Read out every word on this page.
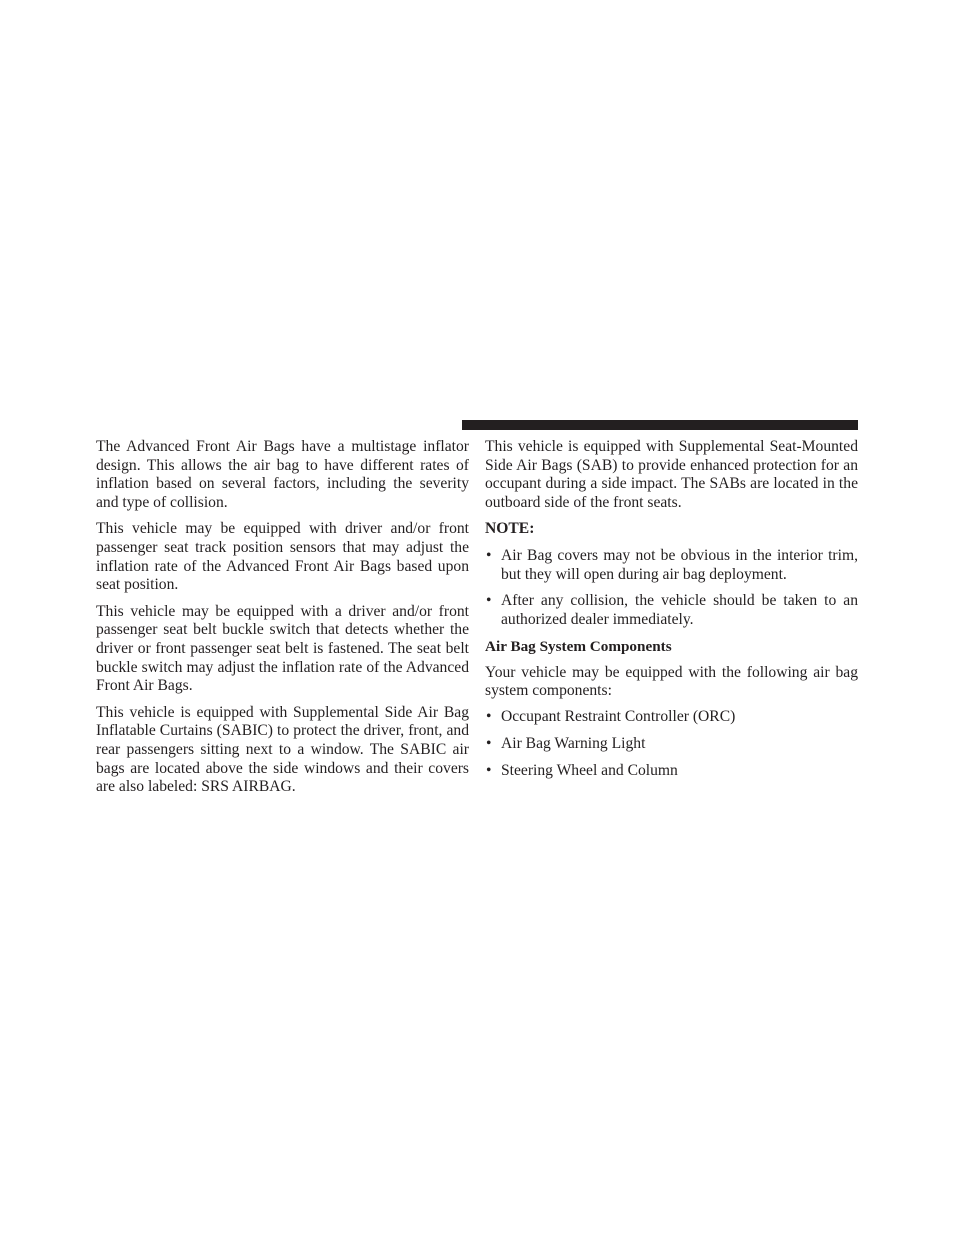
The Advanced Front Air Bags have a multistage inflator design. This allows the air bag to have different rates of inflation based on several factors, including the severity and type of collision.

This vehicle may be equipped with driver and/or front passenger seat track position sensors that may adjust the inflation rate of the Advanced Front Air Bags based upon seat position.

This vehicle may be equipped with a driver and/or front passenger seat belt buckle switch that detects whether the driver or front passenger seat belt is fastened. The seat belt buckle switch may adjust the inflation rate of the Advanced Front Air Bags.

This vehicle is equipped with Supplemental Side Air Bag Inflatable Curtains (SABIC) to protect the driver, front, and rear passengers sitting next to a window. The SABIC air bags are located above the side windows and their covers are also labeled: SRS AIRBAG.

This vehicle is equipped with Supplemental Seat-Mounted Side Air Bags (SAB) to provide enhanced protection for an occupant during a side impact. The SABs are located in the outboard side of the front seats.

NOTE:
• Air Bag covers may not be obvious in the interior trim, but they will open during air bag deployment.
• After any collision, the vehicle should be taken to an authorized dealer immediately.
Air Bag System Components

Your vehicle may be equipped with the following air bag system components:

• Occupant Restraint Controller (ORC)
• Air Bag Warning Light
• Steering Wheel and Column
